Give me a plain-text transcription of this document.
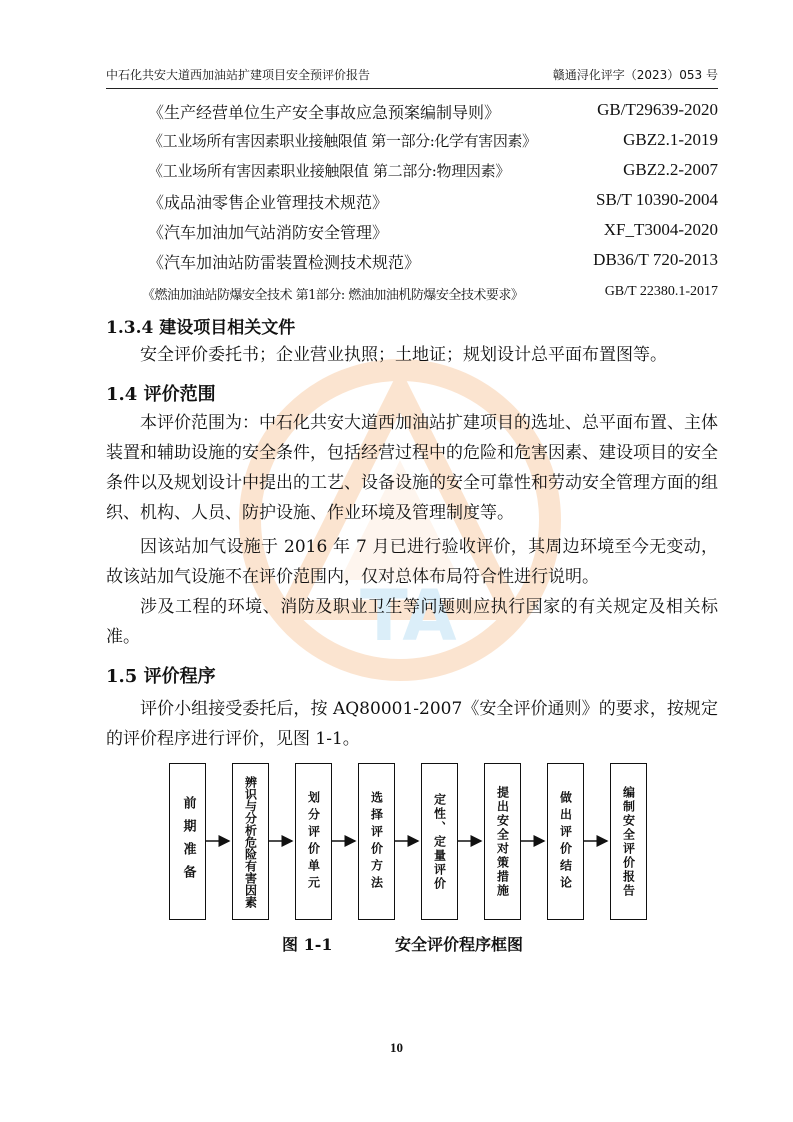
TA
中石化共安大道西加油站扩建项目安全预评价报告	赣通浔化评字（2023）053 号
《生产经营单位生产安全事故应急预案编制导则》	GB/T29639-2020
《工业场所有害因素职业接触限值 第一部分:化学有害因素》	GBZ2.1-2019
《工业场所有害因素职业接触限值 第二部分:物理因素》	GBZ2.2-2007
《成品油零售企业管理技术规范》	SB/T 10390-2004
《汽车加油加气站消防安全管理》	XF_T3004-2020
《汽车加油站防雷装置检测技术规范》	DB36/T 720-2013
《燃油加油站防爆安全技术 第1部分: 燃油加油机防爆安全技术要求》	GB/T 22380.1-2017
1.3.4 建设项目相关文件
安全评价委托书；企业营业执照；土地证；规划设计总平面布置图等。
1.4 评价范围
本评价范围为：中石化共安大道西加油站扩建项目的选址、总平面布置、主体装置和辅助设施的安全条件，包括经营过程中的危险和危害因素、建设项目的安全条件以及规划设计中提出的工艺、设备设施的安全可靠性和劳动安全管理方面的组织、机构、人员、防护设施、作业环境及管理制度等。
因该站加气设施于 2016 年 7 月已进行验收评价，其周边环境至今无变动，故该站加气设施不在评价范围内，仅对总体布局符合性进行说明。
涉及工程的环境、消防及职业卫生等问题则应执行国家的有关规定及相关标准。
1.5 评价程序
评价小组接受委托后，按 AQ80001-2007《安全评价通则》的要求，按规定的评价程序进行评价，见图 1-1。
前期准备	辨识与分析危险有害因素	划分评价单元	选择评价方法	定性、定量评价	提出安全对策措施	做出评价结论	编制安全评价报告
图 1-1	安全评价程序框图
10
